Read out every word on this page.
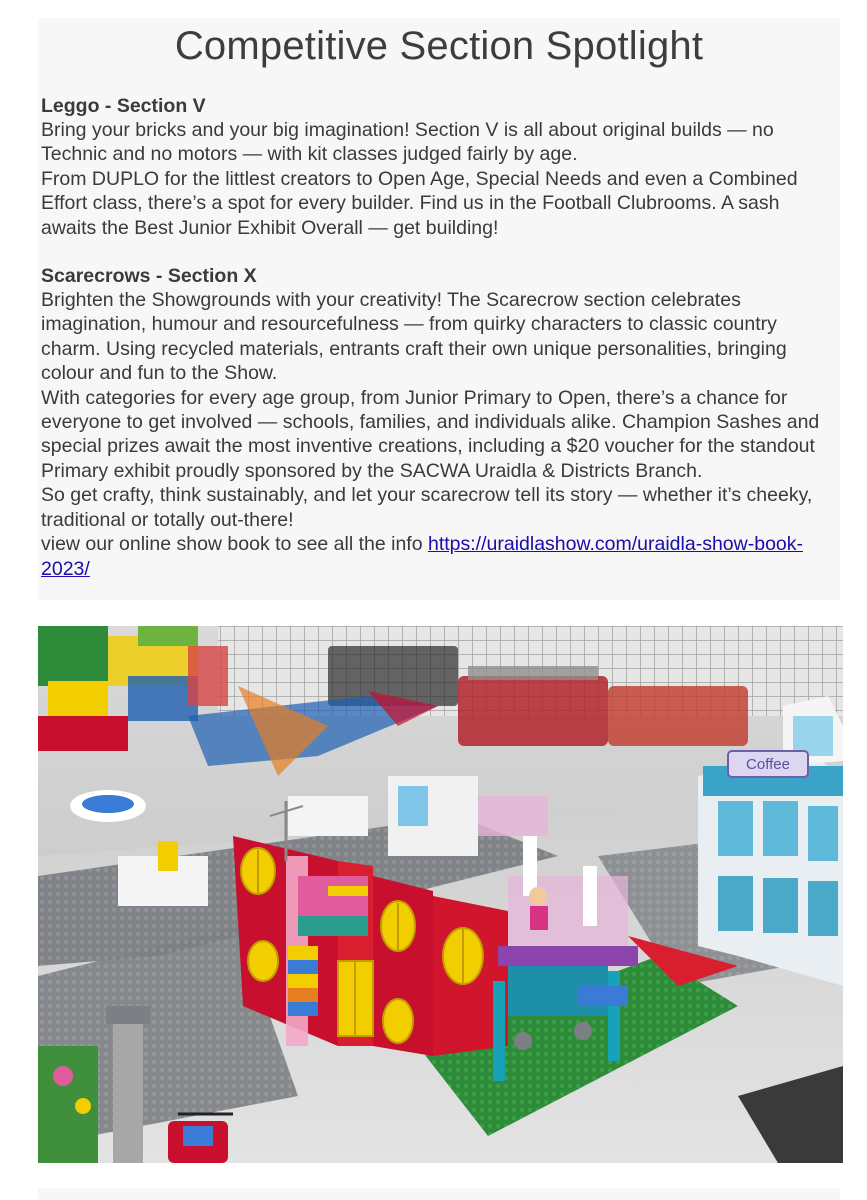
Competitive Section Spotlight
Leggo - Section V

Bring your bricks and your big imagination! Section V is all about original builds — no Technic and no motors — with kit classes judged fairly by age.

From DUPLO for the littlest creators to Open Age, Special Needs and even a Combined Effort class, there’s a spot for every builder. Find us in the Football Clubrooms. A sash awaits the Best Junior Exhibit Overall — get building!

Scarecrows - Section X

Brighten the Showgrounds with your creativity! The Scarecrow section celebrates imagination, humour and resourcefulness — from quirky characters to classic country charm. Using recycled materials, entrants craft their own unique personalities, bringing colour and fun to the Show.

With categories for every age group, from Junior Primary to Open, there’s a chance for everyone to get involved — schools, families, and individuals alike. Champion Sashes and special prizes await the most inventive creations, including a $20 voucher for the standout Primary exhibit proudly sponsored by the SACWA Uraidla & Districts Branch.

So get crafty, think sustainably, and let your scarecrow tell its story — whether it’s cheeky, traditional or totally out-there!

view our online show book to see all the info https://uraidlashow.com/uraidla-show-book-2023/

Coffee
